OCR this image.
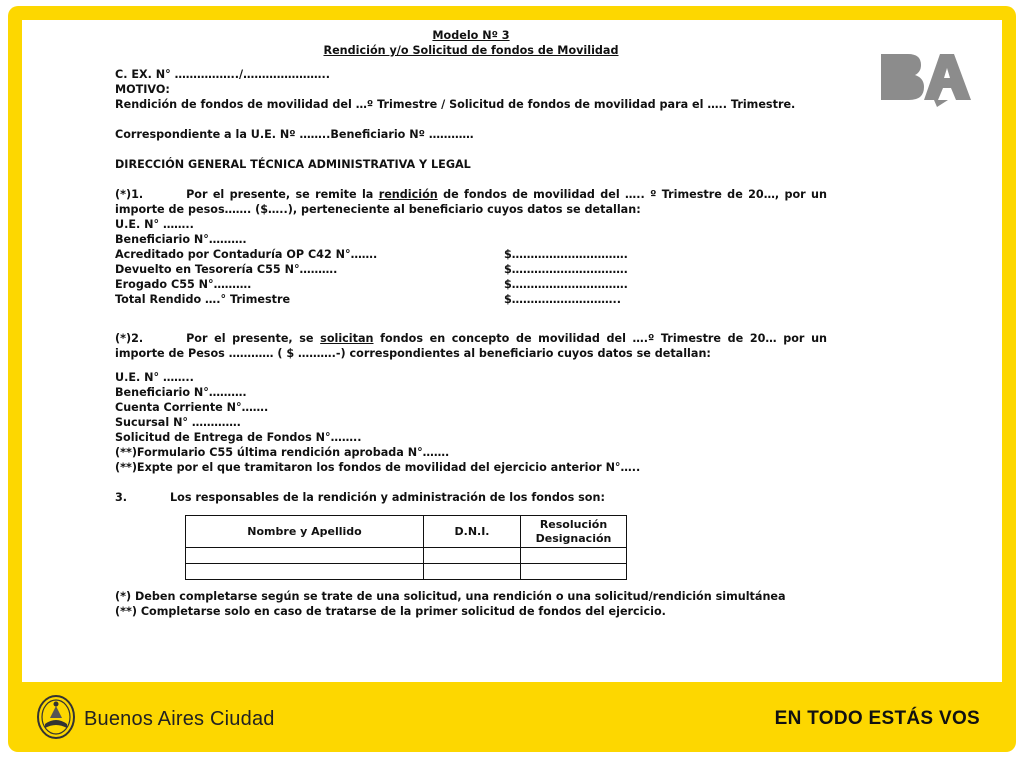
Modelo Nº 3
Rendición y/o Solicitud de fondos de Movilidad
C. EX. N° ……………../…………………..
MOTIVO:
Rendición de fondos de movilidad del …º Trimestre / Solicitud de fondos de movilidad para el ….. Trimestre.
Correspondiente a la U.E. Nº ……..Beneficiario Nº …………
DIRECCIÓN GENERAL TÉCNICA ADMINISTRATIVA Y LEGAL
(*)1.	Por el presente, se remite la rendición de fondos de movilidad del ….. º Trimestre de 20…, por un importe de pesos……. ($…..), perteneciente al beneficiario cuyos datos se detallan:
U.E. N° ……..
Beneficiario N°……….
Acreditado por Contaduría OP C42 N°…….	$………………………….
Devuelto en Tesorería C55 N°……….	$………………………….
Erogado C55 N°……….	$………………………….
Total Rendido ….° Trimestre	$………………………..
(*)2.	Por el presente, se solicitan fondos en concepto de movilidad del ….º Trimestre de 20… por un importe de Pesos ………… ( $ ……….-) correspondientes al beneficiario cuyos datos se detallan:
U.E. N° ……..
Beneficiario N°……….
Cuenta Corriente N°…….
Sucursal N° ………….
Solicitud de Entrega de Fondos N°……..
(**)Formulario C55 última rendición aprobada N°…….
(**)Expte por el que tramitaron los fondos de movilidad del ejercicio anterior N°…..
3.	Los responsables de la rendición y administración de los fondos son:
Nombre y Apellido	D.N.I.	Resolución Designación

(*) Deben completarse según se trate de una solicitud, una rendición o una solicitud/rendición simultánea
(**) Completarse solo en caso de tratarse de la primer solicitud de fondos del ejercicio.
Buenos Aires Ciudad	EN TODO ESTÁS VOS
